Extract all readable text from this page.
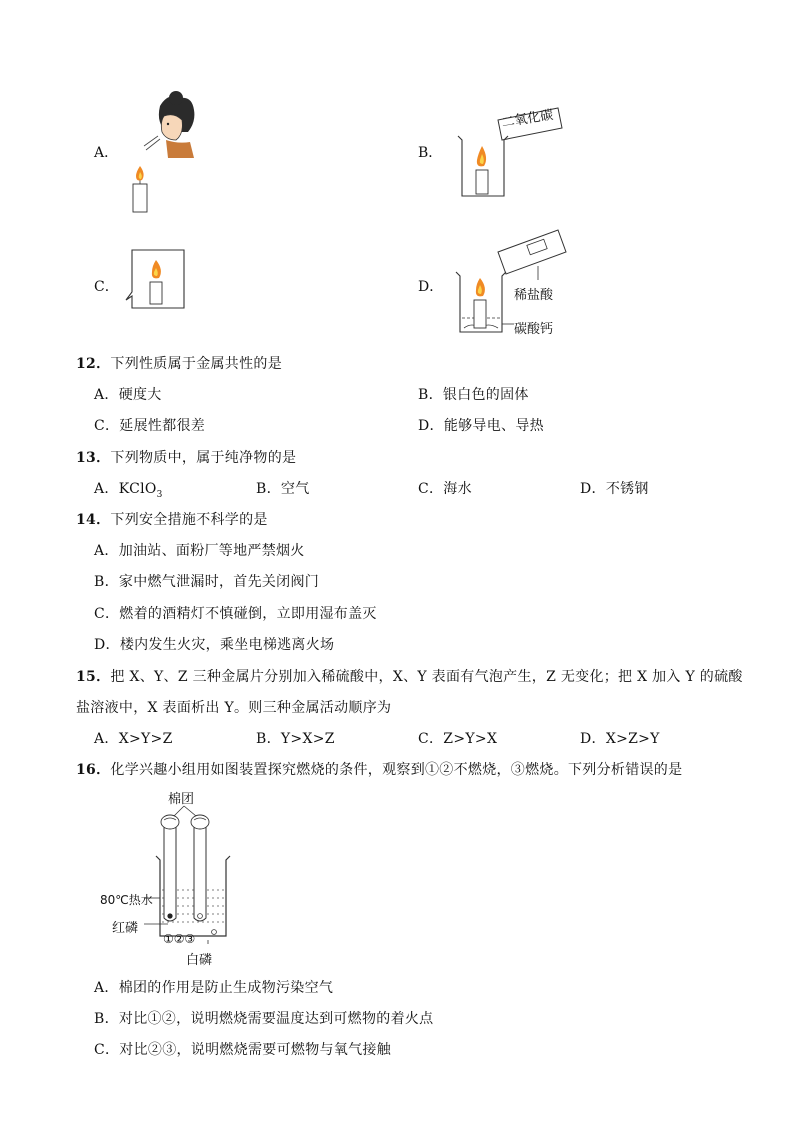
A．	B．
二氧化碳
C．	D．
稀盐酸
碳酸钙
12．下列性质属于金属共性的是
A．硬度大	B．银白色的固体
C．延展性都很差	D．能够导电、导热
13．下列物质中，属于纯净物的是
A．KClO$_3$	B．空气	C．海水	D．不锈钢
14．下列安全措施不科学的是
A．加油站、面粉厂等地严禁烟火
B．家中燃气泄漏时，首先关闭阀门
C．燃着的酒精灯不慎碰倒，立即用湿布盖灭
D．楼内发生火灾，乘坐电梯逃离火场
15．把 X、Y、Z 三种金属片分别加入稀硫酸中，X、Y 表面有气泡产生，Z 无变化；把 X 加入 Y 的硫酸
盐溶液中，X 表面析出 Y。则三种金属活动顺序为
A．X>Y>Z	B．Y>X>Z	C．Z>Y>X	D．X>Z>Y
16．化学兴趣小组用如图装置探究燃烧的条件，观察到①②不燃烧，③燃烧。下列分析错误的是
棉团
80℃热水
红磷
①②③
白磷
A．棉团的作用是防止生成物污染空气
B．对比①②，说明燃烧需要温度达到可燃物的着火点
C．对比②③，说明燃烧需要可燃物与氧气接触
